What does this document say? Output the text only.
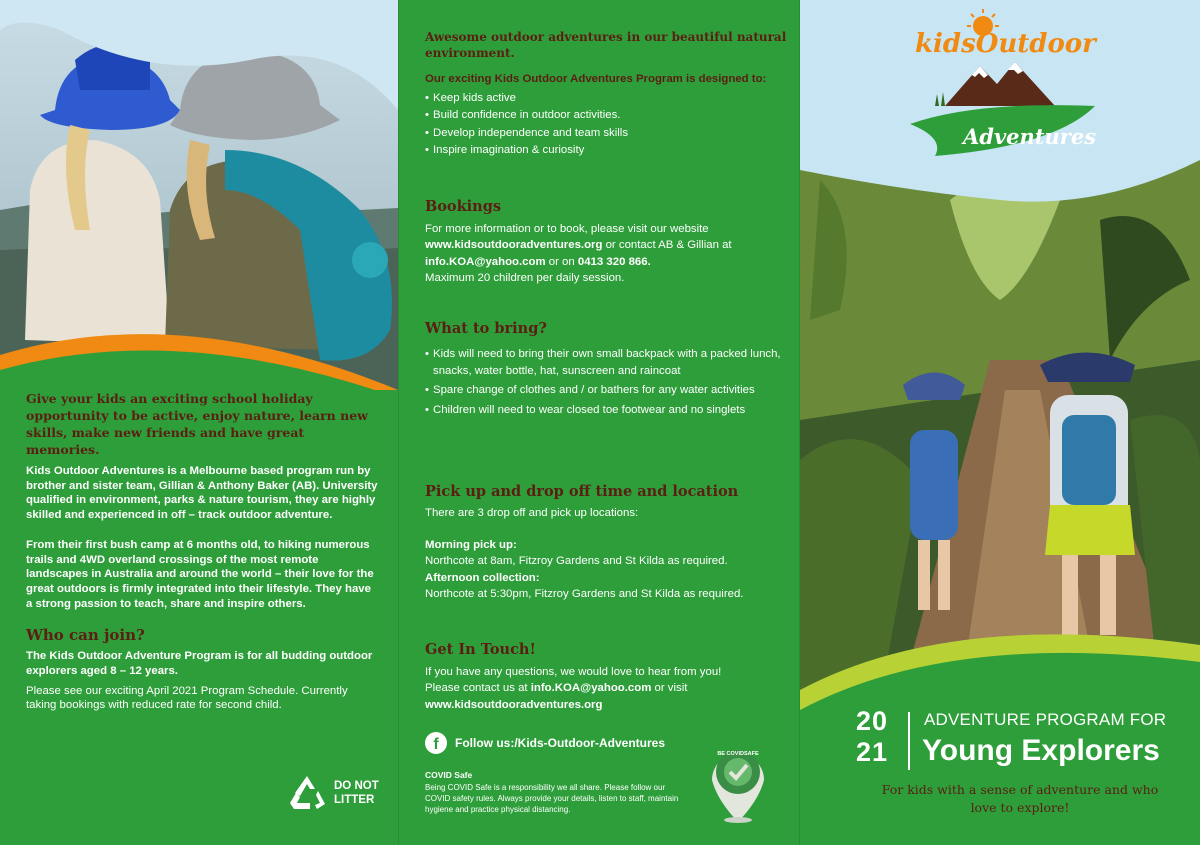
Give your kids an exciting school holiday opportunity to be active, enjoy nature, learn new skills, make new friends and have great memories.

Kids Outdoor Adventures is a Melbourne based program run by brother and sister team, Gillian & Anthony Baker (AB). University qualified in environment, parks & nature tourism, they are highly skilled and experienced in off – track outdoor adventure.

From their first bush camp at 6 months old, to hiking numerous trails and 4WD overland crossings of the most remote landscapes in Australia and around the world – their love for the great outdoors is firmly integrated into their lifestyle. They have a strong passion to teach, share and inspire others.

Who can join?

The Kids Outdoor Adventure Program is for all budding outdoor explorers aged 8 – 12 years.

Please see our exciting April 2021 Program Schedule. Currently taking bookings with reduced rate for second child.

DO NOT
LITTER

Awesome outdoor adventures in our beautiful natural environment.

Our exciting Kids Outdoor Adventures Program is designed to:

• Keep kids active
• Build confidence in outdoor activities.
• Develop independence and team skills
• Inspire imagination & curiosity
Bookings
For more information or to book, please visit our website www.kidsoutdooradventures.org or contact AB & Gillian at info.KOA@yahoo.com or on 0413 320 866.
Maximum 20 children per daily session.
What to bring?
• Kids will need to bring their own small backpack with a packed lunch, snacks, water bottle, hat, sunscreen and raincoat
• Spare change of clothes and / or bathers for any water activities
• Children will need to wear closed toe footwear and no singlets
Pick up and drop off time and location
There are 3 drop off and pick up locations:
Morning pick up:
Northcote at 8am, Fitzroy Gardens and St Kilda as required.
Afternoon collection:
Northcote at 5:30pm, Fitzroy Gardens and St Kilda as required.
Get In Touch!
If you have any questions, we would love to hear from you!
Please contact us at info.KOA@yahoo.com or visit
www.kidsoutdooradventures.org
f	Follow us:/Kids-Outdoor-Adventures
COVID Safe
Being COVID Safe is a responsibility we all share. Please follow our COVID safety rules. Always provide your details, listen to staff, maintain hygiene and practice physical distancing.
BE COVIDSAFE
kidsOutdoor
Adventures
20
21
ADVENTURE PROGRAM FOR
Young Explorers
For kids with a sense of adventure and who love to explore!
